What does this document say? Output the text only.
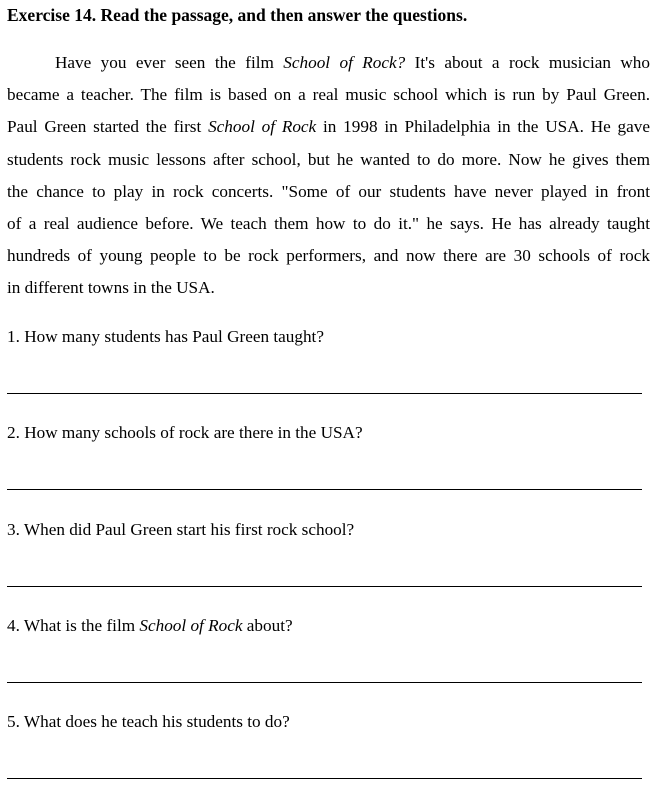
Exercise 14. Read the passage, and then answer the questions.
Have you ever seen the film School of Rock? It's about a rock musician who
became a teacher. The film is based on a real music school which is run by Paul Green.
Paul Green started the first School of Rock in 1998 in Philadelphia in the USA. He gave
students rock music lessons after school, but he wanted to do more. Now he gives them
the chance to play in rock concerts. "Some of our students have never played in front
of a real audience before. We teach them how to do it." he says. He has already taught
hundreds of young people to be rock performers, and now there are 30 schools of rock
in different towns in the USA.
1. How many students has Paul Green taught?
2. How many schools of rock are there in the USA?
3. When did Paul Green start his first rock school?
4. What is the film School of Rock about?
5. What does he teach his students to do?
